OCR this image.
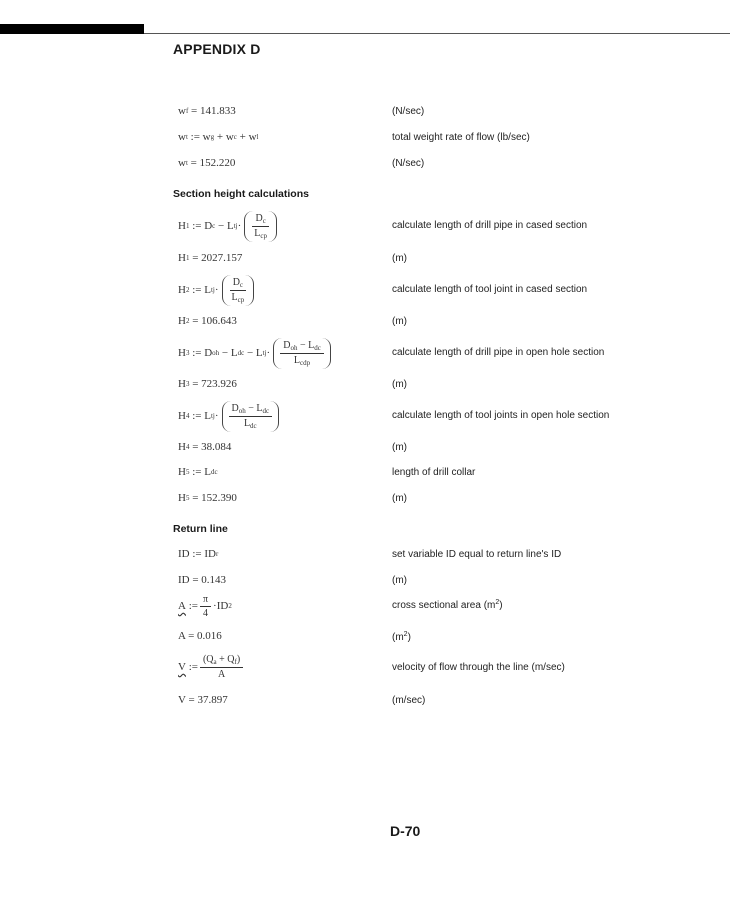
APPENDIX D
w f = 141.833	(N/sec)
w t := w g + w c + w l	total weight rate of flow (lb/sec)
w t = 152.220	(N/sec)
Section height calculations
H 1 := D c − L tj · $\frac{D_c}{L_{cp}}$	calculate length of drill pipe in cased section
H 1 = 2027.157	(m)
H 2 := L tj · $\frac{D_c}{L_{cp}}$	calculate length of tool joint in cased section
H 2 = 106.643	(m)
H 3 := D oh − L dc − L tj · $\frac{D_{oh} - L_{dc}}{L_{cdp}}$	calculate length of drill pipe in open hole section
H 3 = 723.926	(m)
H 4 := L tj · $\frac{D_{oh} - L_{dc}}{L_{dc}}$	calculate length of tool joints in open hole section
H 4 = 38.084	(m)
H 5 := L dc	length of drill collar
H 5 = 152.390	(m)
Return line
ID := ID r	set variable ID equal to return line's ID
ID = 0.143	(m)
A := $\frac{\pi}{4} \cdot ID$ 2	cross sectional area $(m^2)$
A = 0.016	$(m^2)$
V := $\frac{(Q_a + Q_f)}{A}$	velocity of flow through the line (m/sec)
V = 37.897	(m/sec)
D-70
